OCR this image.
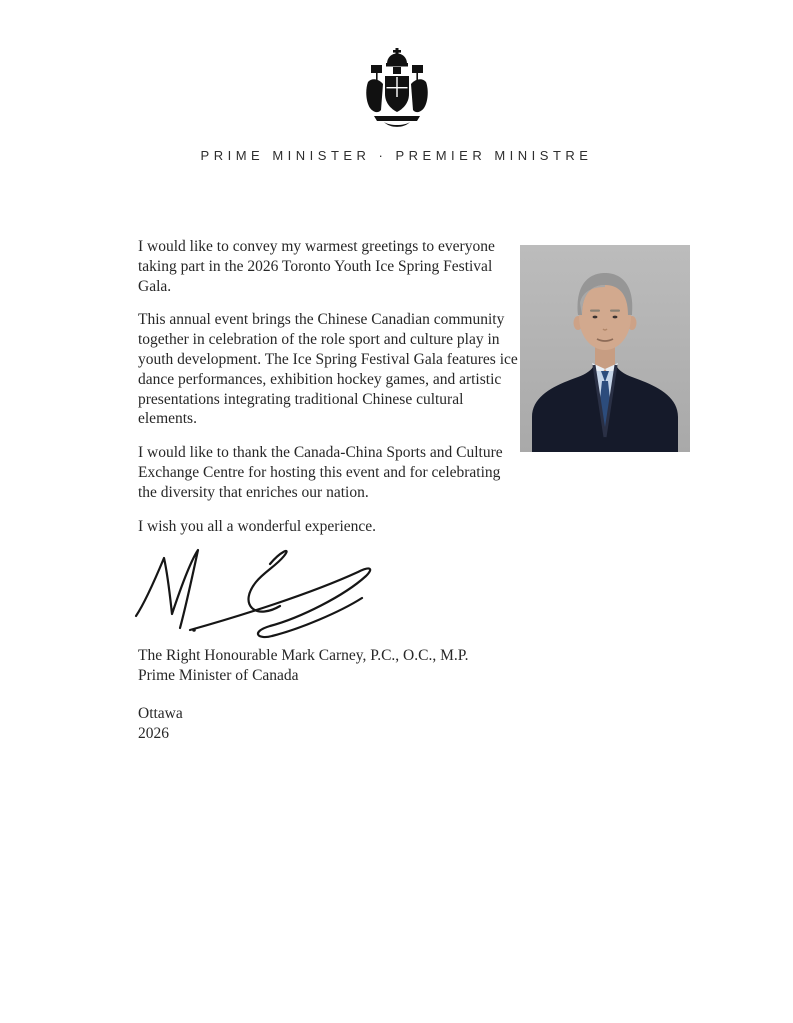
PRIME MINISTER · PREMIER MINISTRE

I would like to convey my warmest greetings to everyone taking part in the 2026 Toronto Youth Ice Spring Festival Gala.

This annual event brings the Chinese Canadian community together in celebration of the role sport and culture play in youth development. The Ice Spring Festival Gala features ice dance performances, exhibition hockey games, and artistic presentations integrating traditional Chinese cultural elements.

I would like to thank the Canada-China Sports and Culture Exchange Centre for hosting this event and for celebrating the diversity that enriches our nation.

I wish you all a wonderful experience.

The Right Honourable Mark Carney, P.C., O.C., M.P.
Prime Minister of Canada
Ottawa
2026
